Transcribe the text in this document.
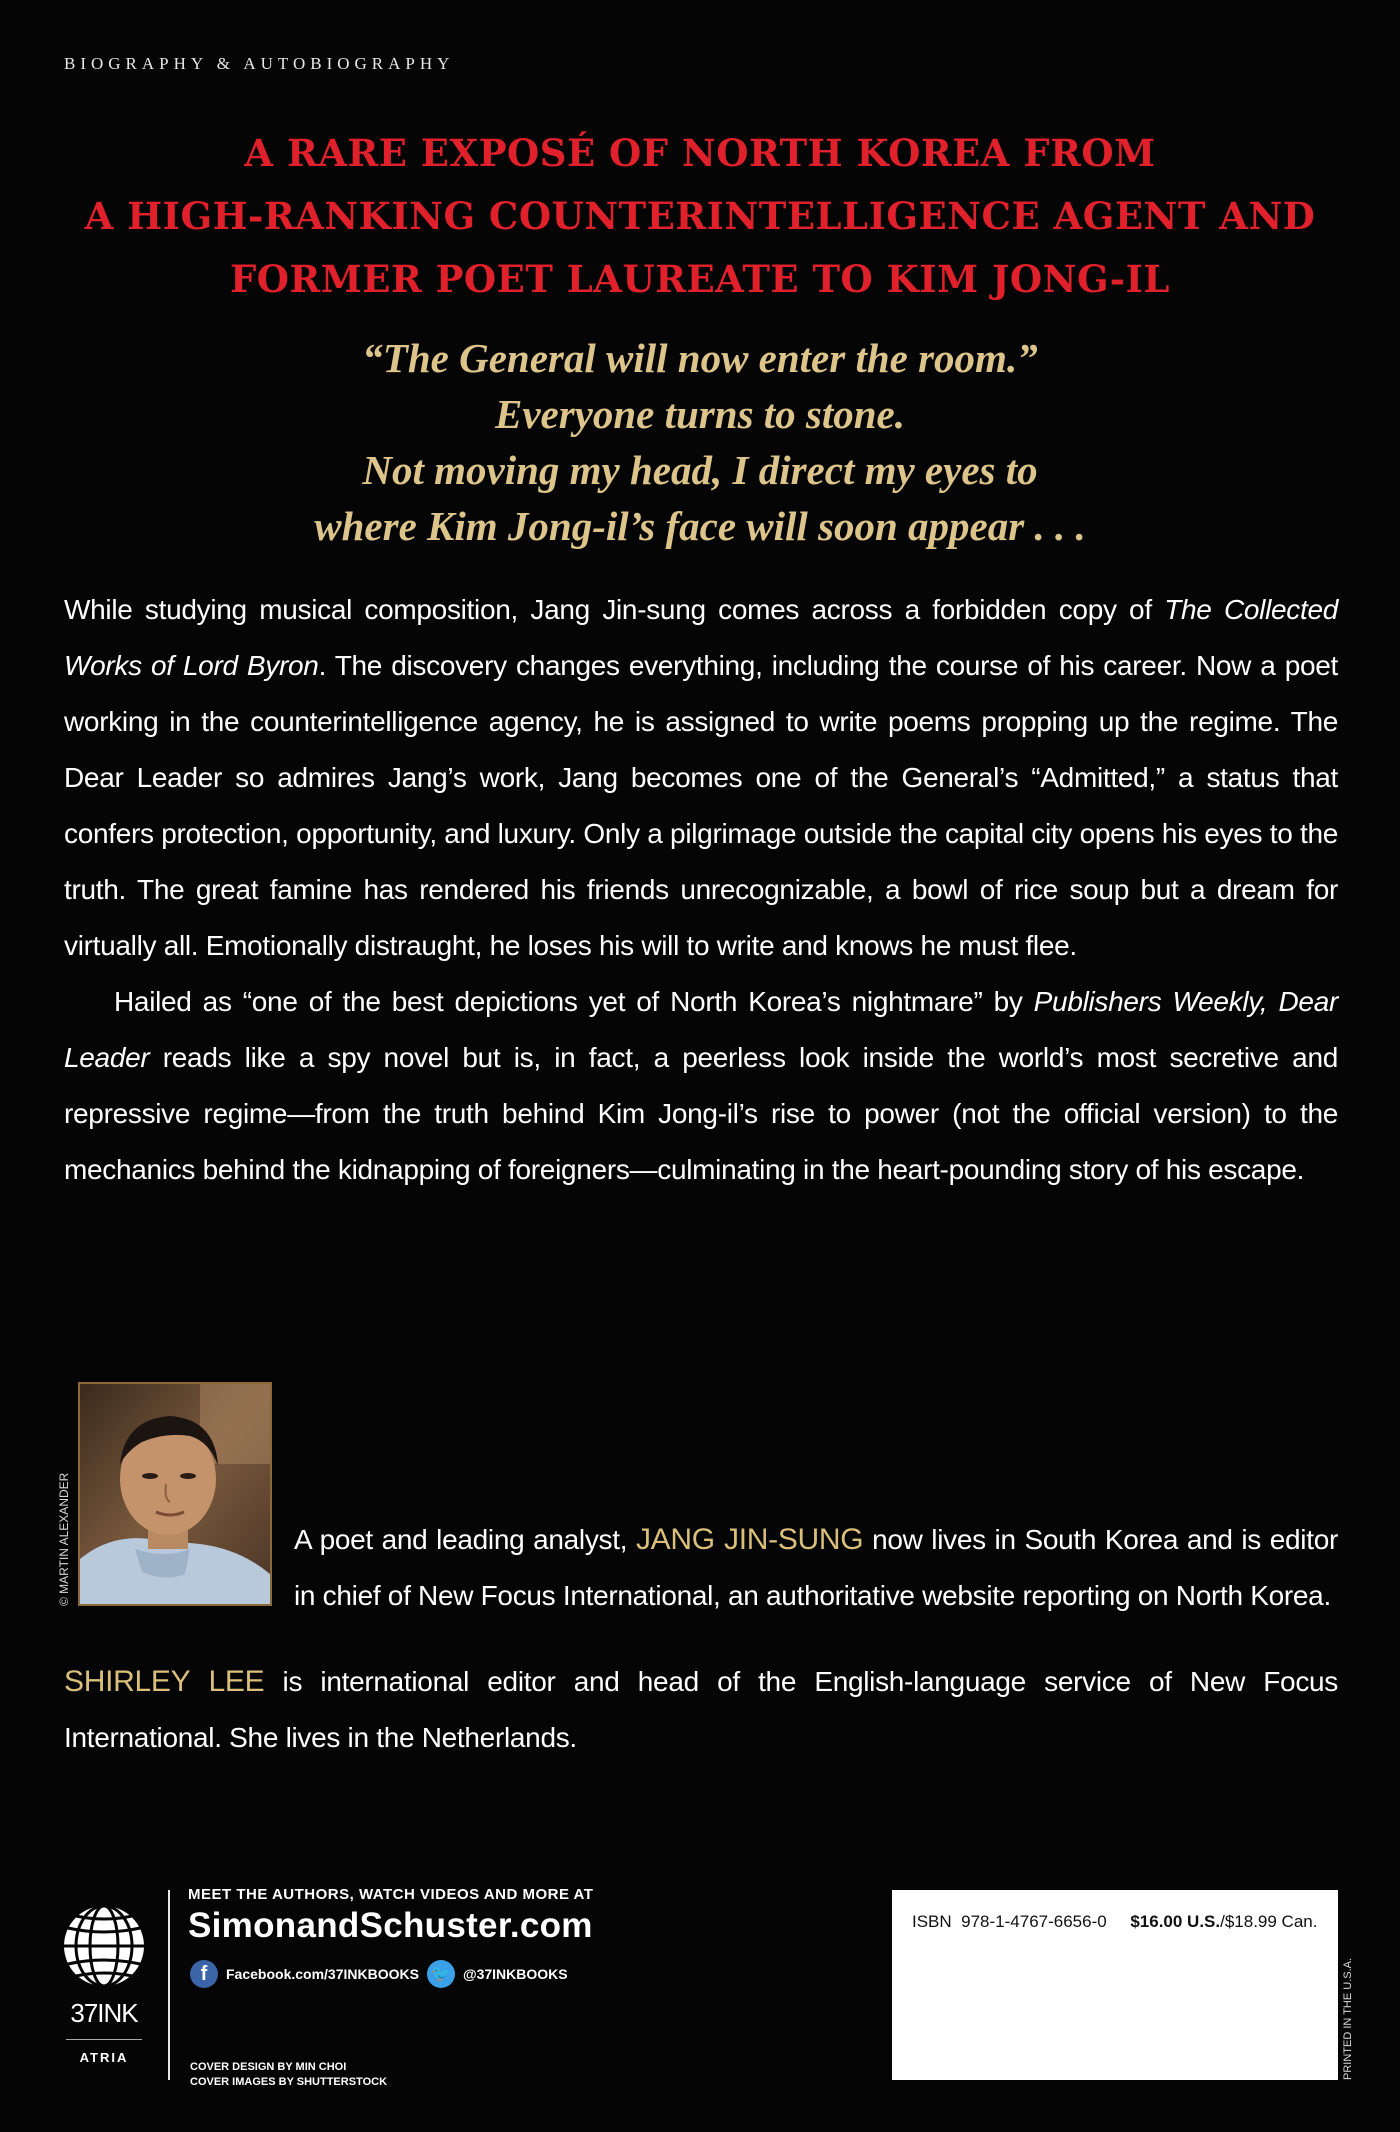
BIOGRAPHY & AUTOBIOGRAPHY
A RARE EXPOSÉ OF NORTH KOREA FROM
A HIGH-RANKING COUNTERINTELLIGENCE AGENT AND
FORMER POET LAUREATE TO KIM JONG-IL
“The General will now enter the room.”
Everyone turns to stone.
Not moving my head, I direct my eyes to
where Kim Jong-il’s face will soon appear . . .

While studying musical composition, Jang Jin-sung comes across a forbidden copy of The Collected Works of Lord Byron. The discovery changes everything, including the course of his career. Now a poet working in the counterintelligence agency, he is assigned to write poems propping up the regime. The Dear Leader so admires Jang’s work, Jang becomes one of the General’s “Admitted,” a status that confers protection, opportunity, and luxury. Only a pilgrimage outside the capital city opens his eyes to the truth. The great famine has rendered his friends unrecognizable, a bowl of rice soup but a dream for virtually all. Emotionally distraught, he loses his will to write and knows he must flee.

Hailed as “one of the best depictions yet of North Korea’s nightmare” by Publishers Weekly, Dear Leader reads like a spy novel but is, in fact, a peerless look inside the world’s most secretive and repressive regime—from the truth behind Kim Jong-il’s rise to power (not the official version) to the mechanics behind the kidnapping of foreigners—culminating in the heart-pounding story of his escape.

© MARTIN ALEXANDER	A poet and leading analyst, JANG JIN-SUNG now lives in South Korea and is editor in chief of New Focus International, an authoritative website reporting on North Korea.
SHIRLEY LEE is international editor and head of the English-language service of New Focus International. She lives in the Netherlands.
37INK
ATRIA
MEET THE AUTHORS, WATCH VIDEOS AND MORE AT
SimonandSchuster.com
f	Facebook.com/37INKBOOKS 🐦 @37INKBOOKS
COVER DESIGN BY MIN CHOI
COVER IMAGES BY SHUTTERSTOCK
ISBN 978-1-4767-6656-0 $16.00 U.S./$18.99 Can.
PRINTED IN THE U.S.A.
